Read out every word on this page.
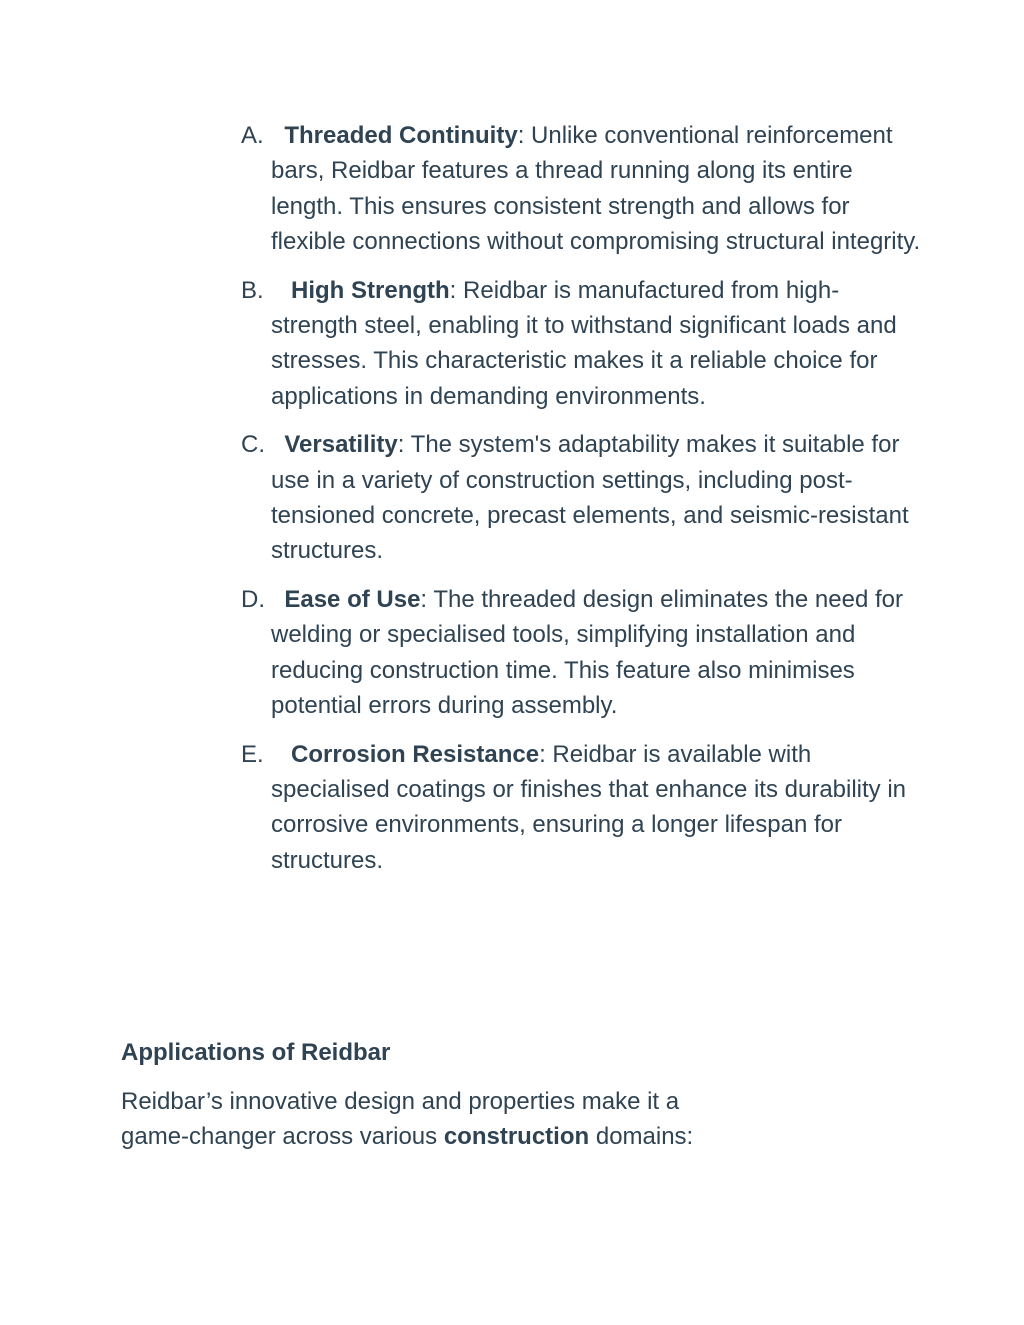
A. Threaded Continuity: Unlike conventional reinforcement bars, Reidbar features a thread running along its entire length. This ensures consistent strength and allows for flexible connections without compromising structural integrity.
B.	High Strength: Reidbar is manufactured from high-strength steel, enabling it to withstand significant loads and stresses. This characteristic makes it a reliable choice for applications in demanding environments.
C. Versatility: The system's adaptability makes it suitable for use in a variety of construction settings, including post-tensioned concrete, precast elements, and seismic-resistant structures.
D. Ease of Use: The threaded design eliminates the need for welding or specialised tools, simplifying installation and reducing construction time. This feature also minimises potential errors during assembly.
E.	Corrosion Resistance: Reidbar is available with specialised coatings or finishes that enhance its durability in corrosive environments, ensuring a longer lifespan for structures.
Applications of Reidbar

Reidbar’s innovative design and properties make it a
game-changer across various construction domains:
